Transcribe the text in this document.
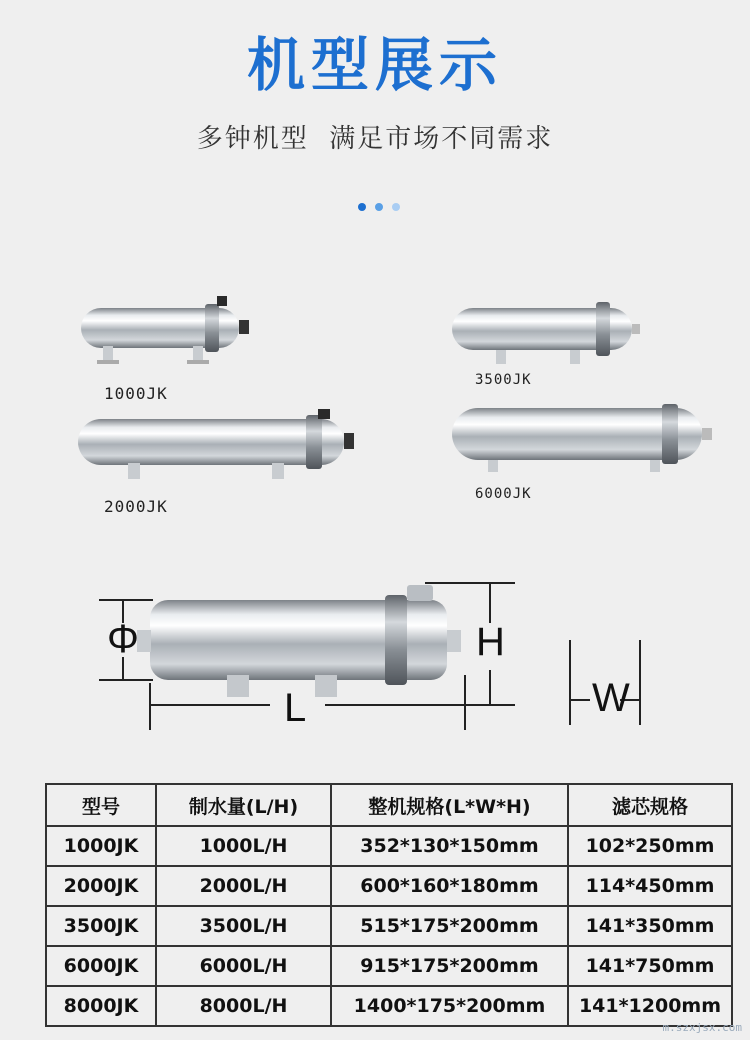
机型展示
多钟机型  满足市场不同需求
1000JK
3500JK
2000JK
6000JK
Φ
L
H
W
型号	制水量(L/H)	整机规格(L*W*H)	滤芯规格
1000JK	1000L/H	352*130*150mm	102*250mm
2000JK	2000L/H	600*160*180mm	114*450mm
3500JK	3500L/H	515*175*200mm	141*350mm
6000JK	6000L/H	915*175*200mm	141*750mm
8000JK	8000L/H	1400*175*200mm	141*1200mm
m.szxjsx.com
